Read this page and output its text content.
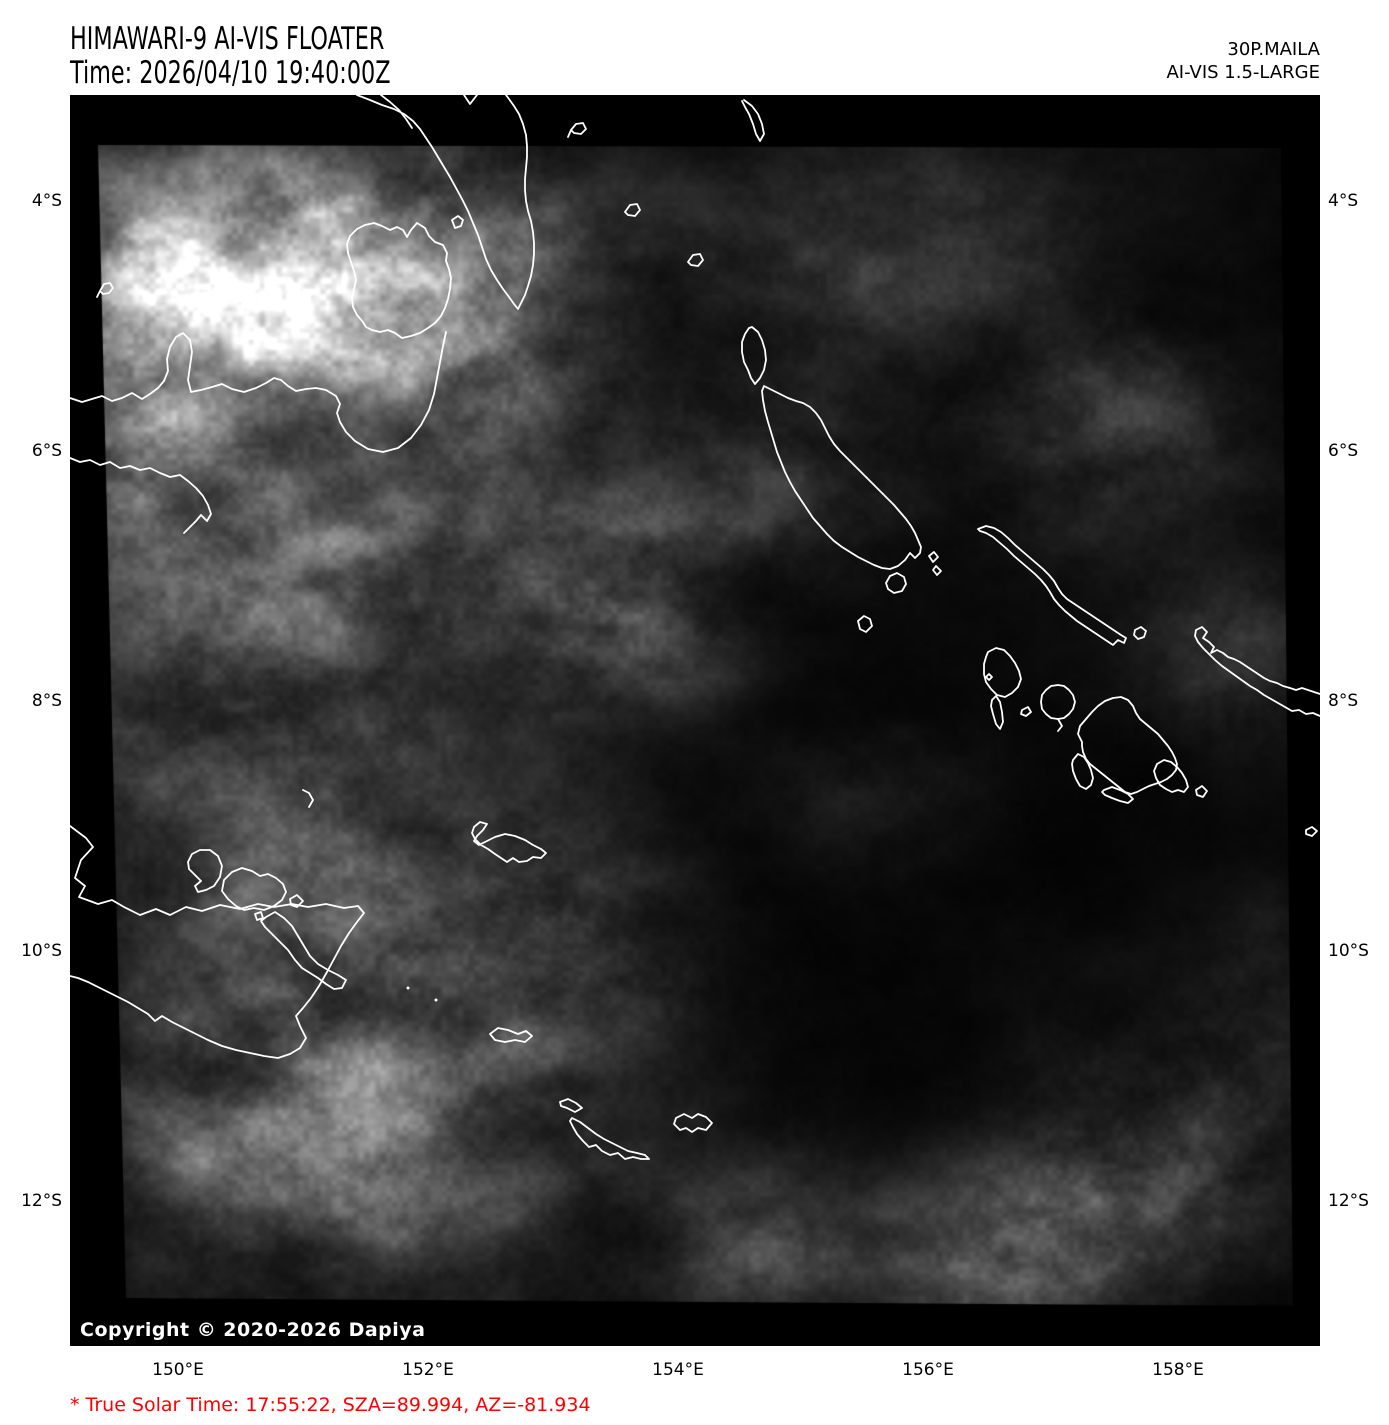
HIMAWARI-9 AI-VIS FLOATER
Time: 2026/04/10 19:40:00Z
30P.MAILA
AI-VIS 1.5-LARGE
Copyright © 2020-2026 Dapiya
4°S
6°S
8°S
10°S
12°S
4°S
6°S
8°S
10°S
12°S
150°E	152°E	154°E	156°E	158°E
* True Solar Time: 17:55:22, SZA=89.994, AZ=-81.934
